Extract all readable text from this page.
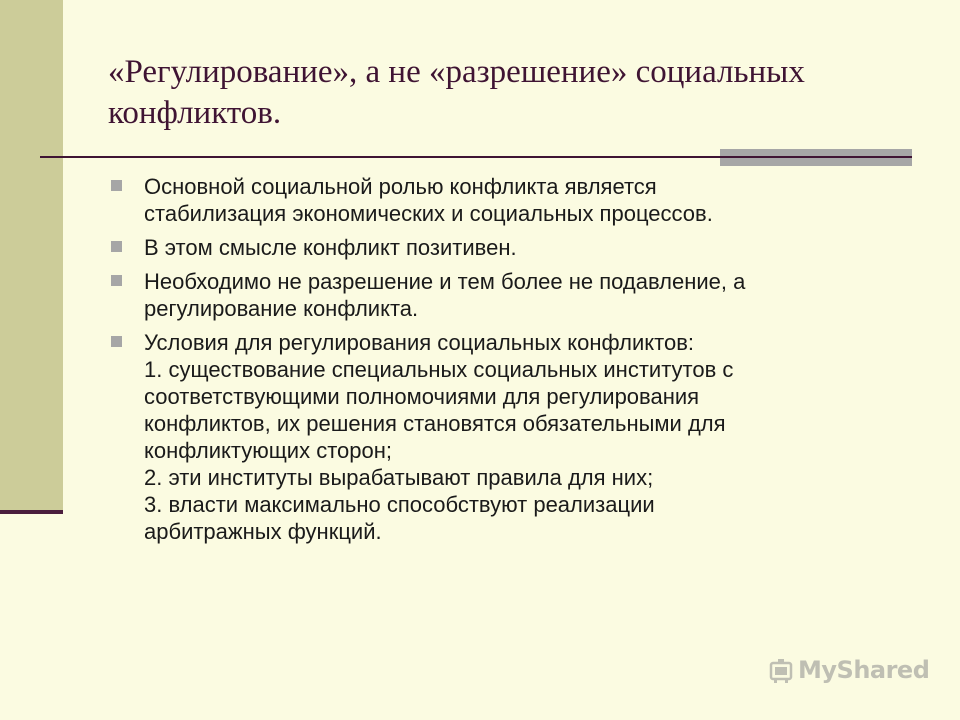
«Регулирование», а не «разрешение» социальных конфликтов.
Основной социальной ролью конфликта является
стабилизация экономических и социальных процессов.
В этом смысле конфликт позитивен.
Необходимо не разрешение и тем более не подавление, а
регулирование конфликта.
Условия для регулирования социальных конфликтов:
1. существование специальных социальных институтов с
соответствующими полномочиями для регулирования
конфликтов, их решения становятся обязательными для
конфликтующих сторон;
2. эти институты вырабатывают правила для них;
3. власти максимально способствуют реализации
арбитражных функций.
MyShared
